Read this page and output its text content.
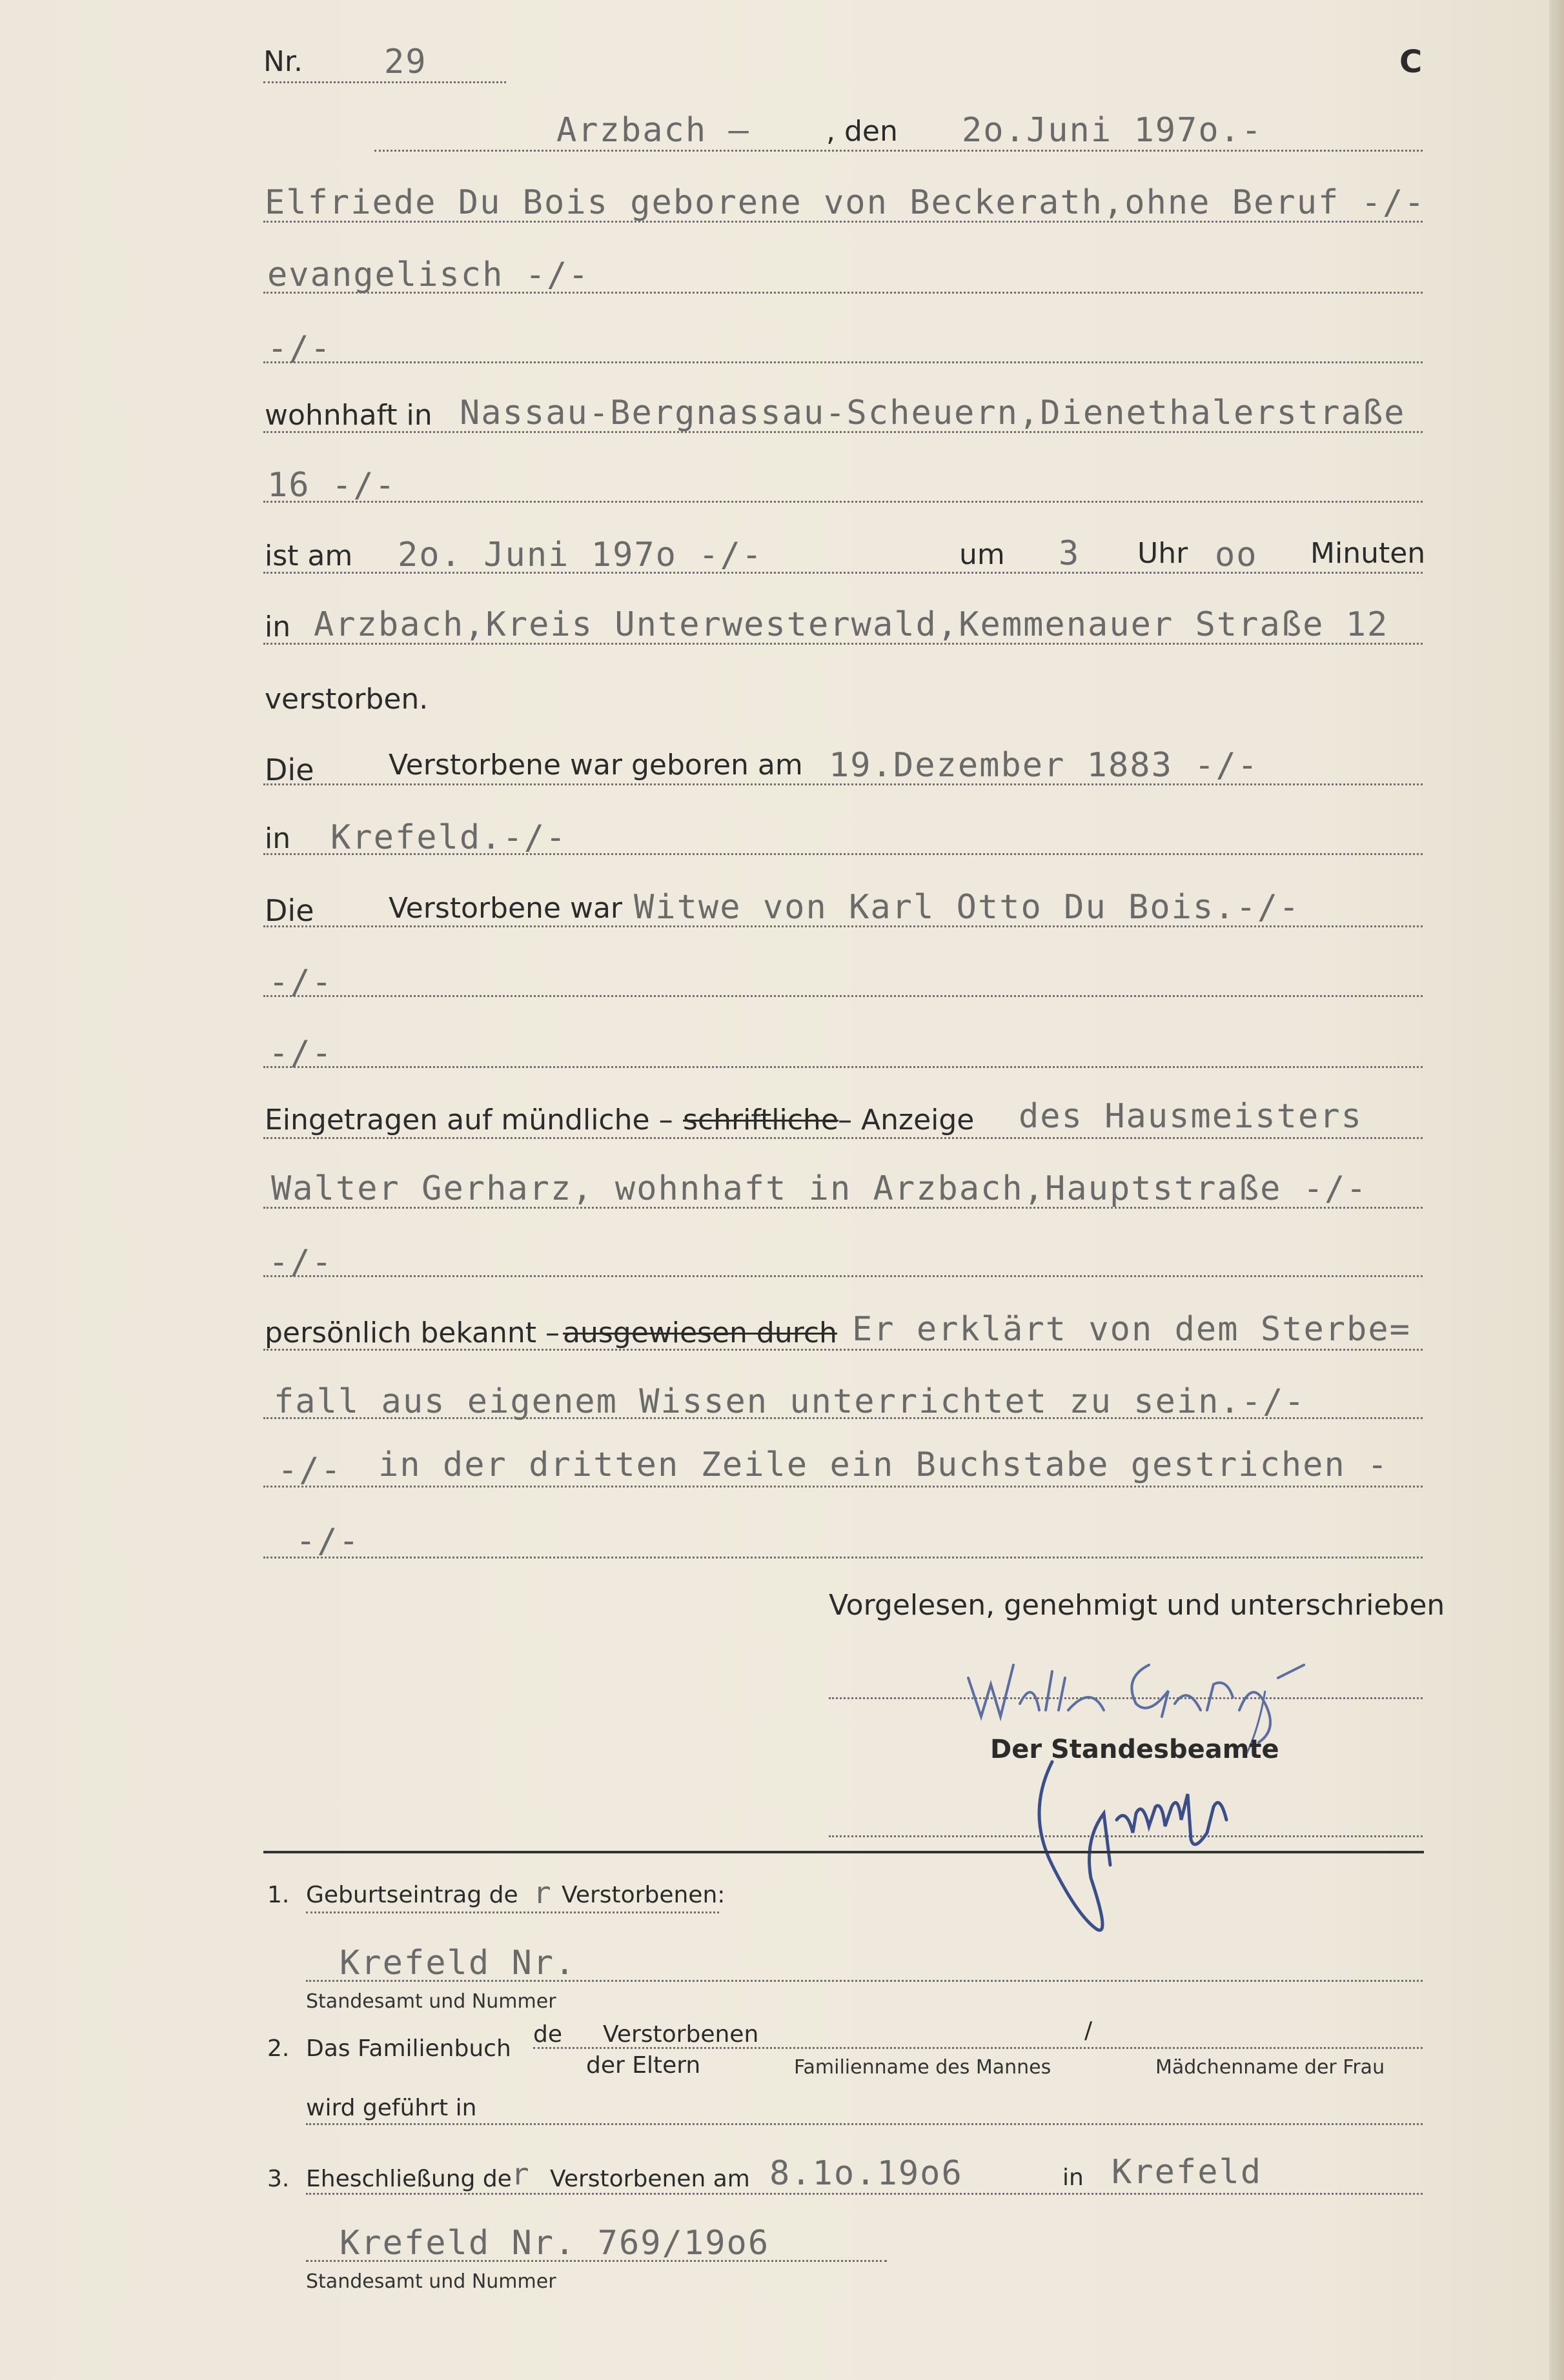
Nr. 29	C
Arzbach –	, den 2o.Juni 197o.-
Elfriede Du Bois geborene von Beckerath,ohne Beruf -/-
evangelisch -/-
-/-
wohnhaft in Nassau-Bergnassau-Scheuern,Dienethalerstraße
16 -/-
ist am 2o. Juni 197o -/-	um 3 Uhr oo Minuten
in Arzbach,Kreis Unterwesterwald,Kemmenauer Straße 12
verstorben.
Die	Verstorbene war geboren am 19.Dezember 1883 -/-
in Krefeld.-/-
Die	Verstorbene war Witwe von Karl Otto Du Bois.-/-
-/-
-/-
Eingetragen auf mündliche – schriftliche – Anzeige des Hausmeisters
Walter Gerharz, wohnhaft in Arzbach,Hauptstraße -/-
-/-
persönlich bekannt – ausgewiesen durch Er erklärt von dem Sterbe=
fall aus eigenem Wissen unterrichtet zu sein.-/-
-/- in der dritten Zeile ein Buchstabe gestrichen -
-/-
Vorgelesen, genehmigt und unterschrieben
Der Standesbeamte
1. Geburtseintrag de r Verstorbenen:
Krefeld Nr.
Standesamt und Nummer
2. Das Familienbuch
de Verstorbenen	/
der Eltern	Familienname des Mannes	Mädchenname der Frau
wird geführt in
3. Eheschließung de r Verstorbenen am 8.1o.19o6	in Krefeld
Krefeld Nr. 769/19o6
Standesamt und Nummer
